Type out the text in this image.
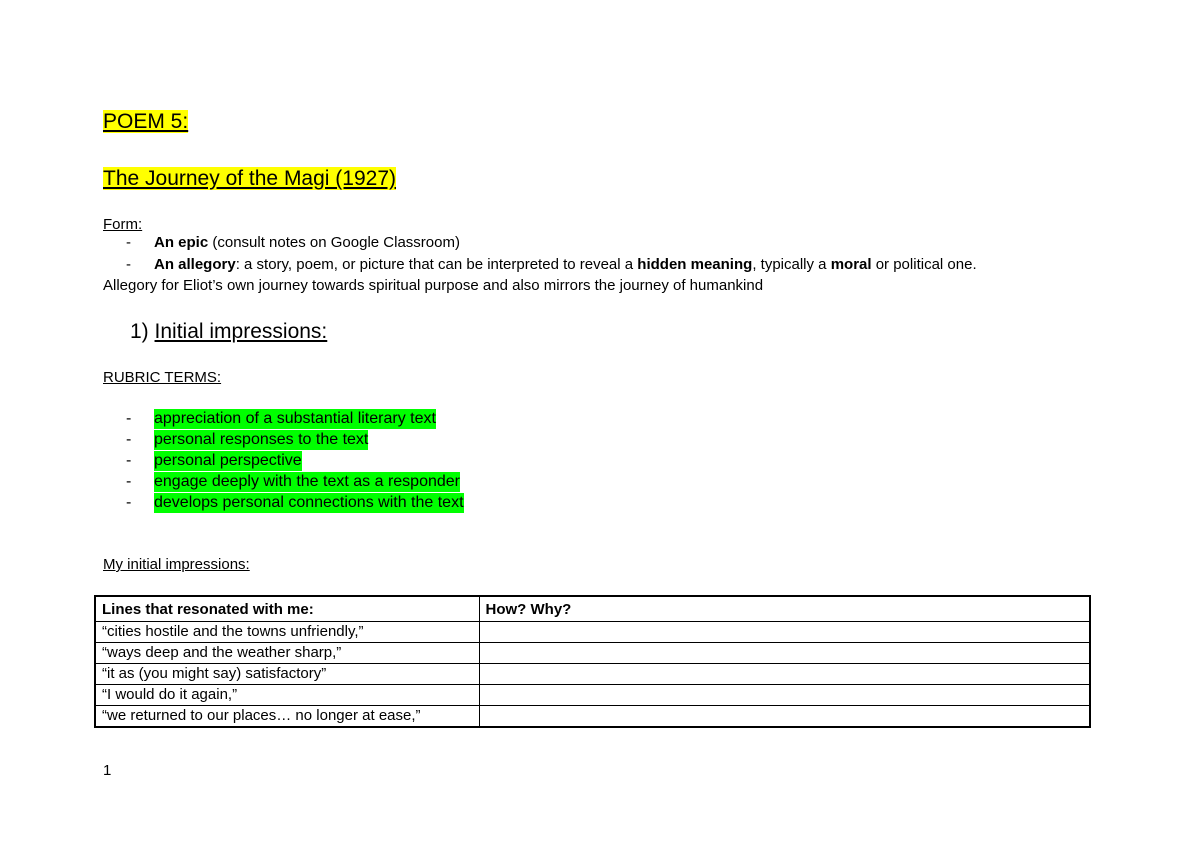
POEM 5:
The Journey of the Magi (1927)
Form:
- An epic (consult notes on Google Classroom)
- An allegory: a story, poem, or picture that can be interpreted to reveal a hidden meaning, typically a moral or political one.
Allegory for Eliot’s own journey towards spiritual purpose and also mirrors the journey of humankind
1) Initial impressions:
RUBRIC TERMS:
- appreciation of a substantial literary text
- personal responses to the text
- personal perspective
- engage deeply with the text as a responder
- develops personal connections with the text
My initial impressions:
Lines that resonated with me:	How? Why?
“cities hostile and the towns unfriendly,”	
“ways deep and the weather sharp,”	
“it as (you might say) satisfactory”	
“I would do it again,”	
“we returned to our places… no longer at ease,”	
1
